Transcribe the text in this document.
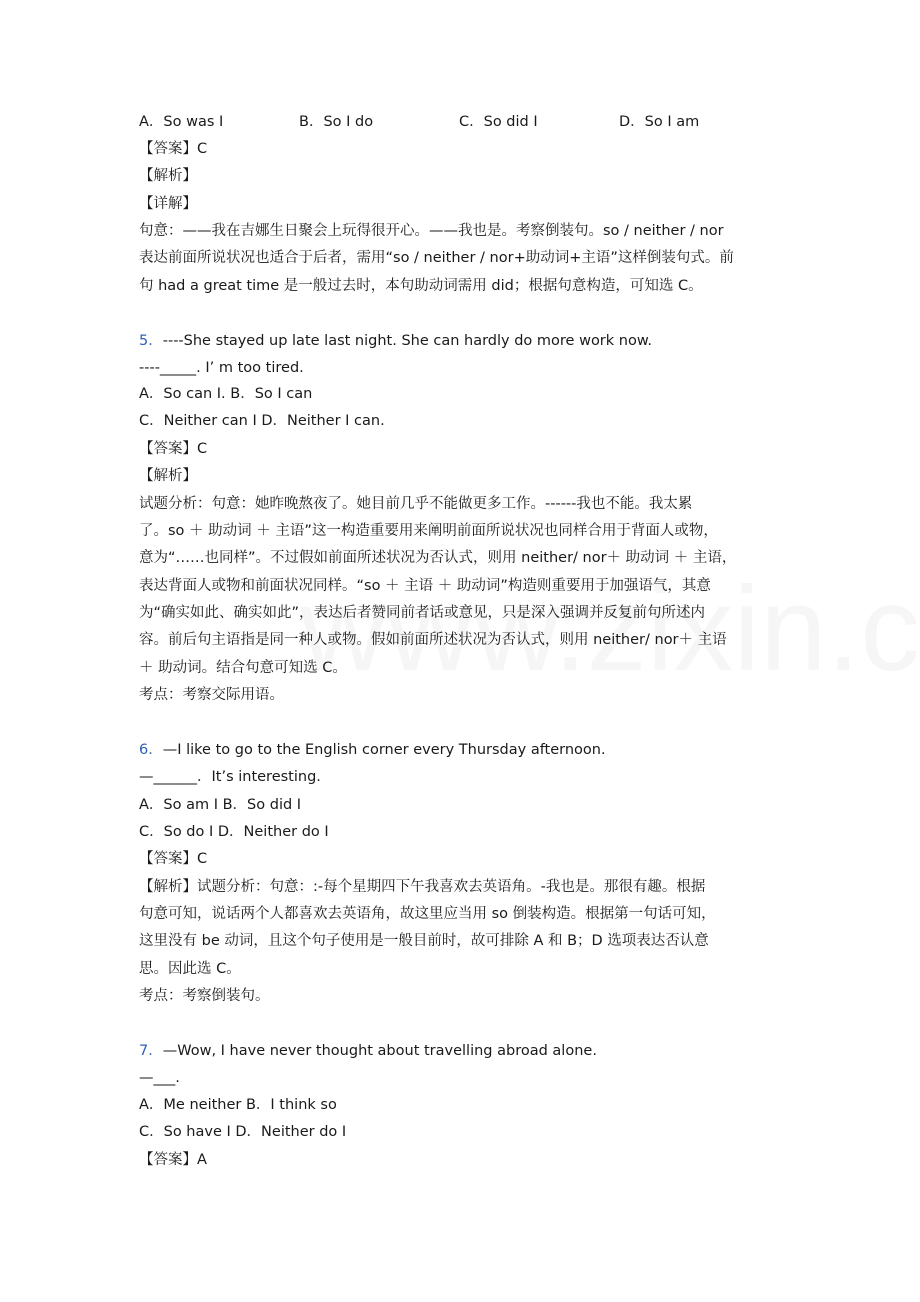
A．So was I	B．So I do	C．So did I	D．So I am
【答案】C
【解析】
【详解】
句意：——我在吉娜生日聚会上玩得很开心。——我也是。考察倒装句。so / neither / nor
表达前面所说状况也适合于后者，需用“so / neither / nor+助动词+主语”这样倒装句式。前
句 had a great time 是一般过去时，本句助动词需用 did；根据句意构造，可知选 C。
5．----She stayed up late last night. She can hardly do more work now.
----_____. I’ m too tired.
A．So can I. B．So I can
C．Neither can I D．Neither I can.
【答案】C
【解析】
试题分析：句意：她昨晚熬夜了。她目前几乎不能做更多工作。------我也不能。我太累
了。so ＋ 助动词 ＋ 主语”这一构造重要用来阐明前面所说状况也同样合用于背面人或物，
意为“……也同样”。不过假如前面所述状况为否认式，则用 neither/ nor＋ 助动词 ＋ 主语，
表达背面人或物和前面状况同样。“so ＋ 主语 ＋ 助动词”构造则重要用于加强语气，其意
为“确实如此、确实如此”，表达后者赞同前者话或意见，只是深入强调并反复前句所述内
容。前后句主语指是同一种人或物。假如前面所述状况为否认式，则用 neither/ nor＋ 主语
＋ 助动词。结合句意可知选 C。
考点：考察交际用语。
6．—I like to go to the English corner every Thursday afternoon.
—______．It’s interesting.
A．So am I B．So did I
C．So do I D．Neither do I
【答案】C
【解析】试题分析：句意：:-每个星期四下午我喜欢去英语角。-我也是。那很有趣。根据
句意可知，说话两个人都喜欢去英语角，故这里应当用 so 倒装构造。根据第一句话可知，
这里没有 be 动词，且这个句子使用是一般目前时，故可排除 A 和 B；D 选项表达否认意
思。因此选 C。
考点：考察倒装句。
7．—Wow, I have never thought about travelling abroad alone.
—___.
A．Me neither B．I think so
C．So have I D．Neither do I
【答案】A
